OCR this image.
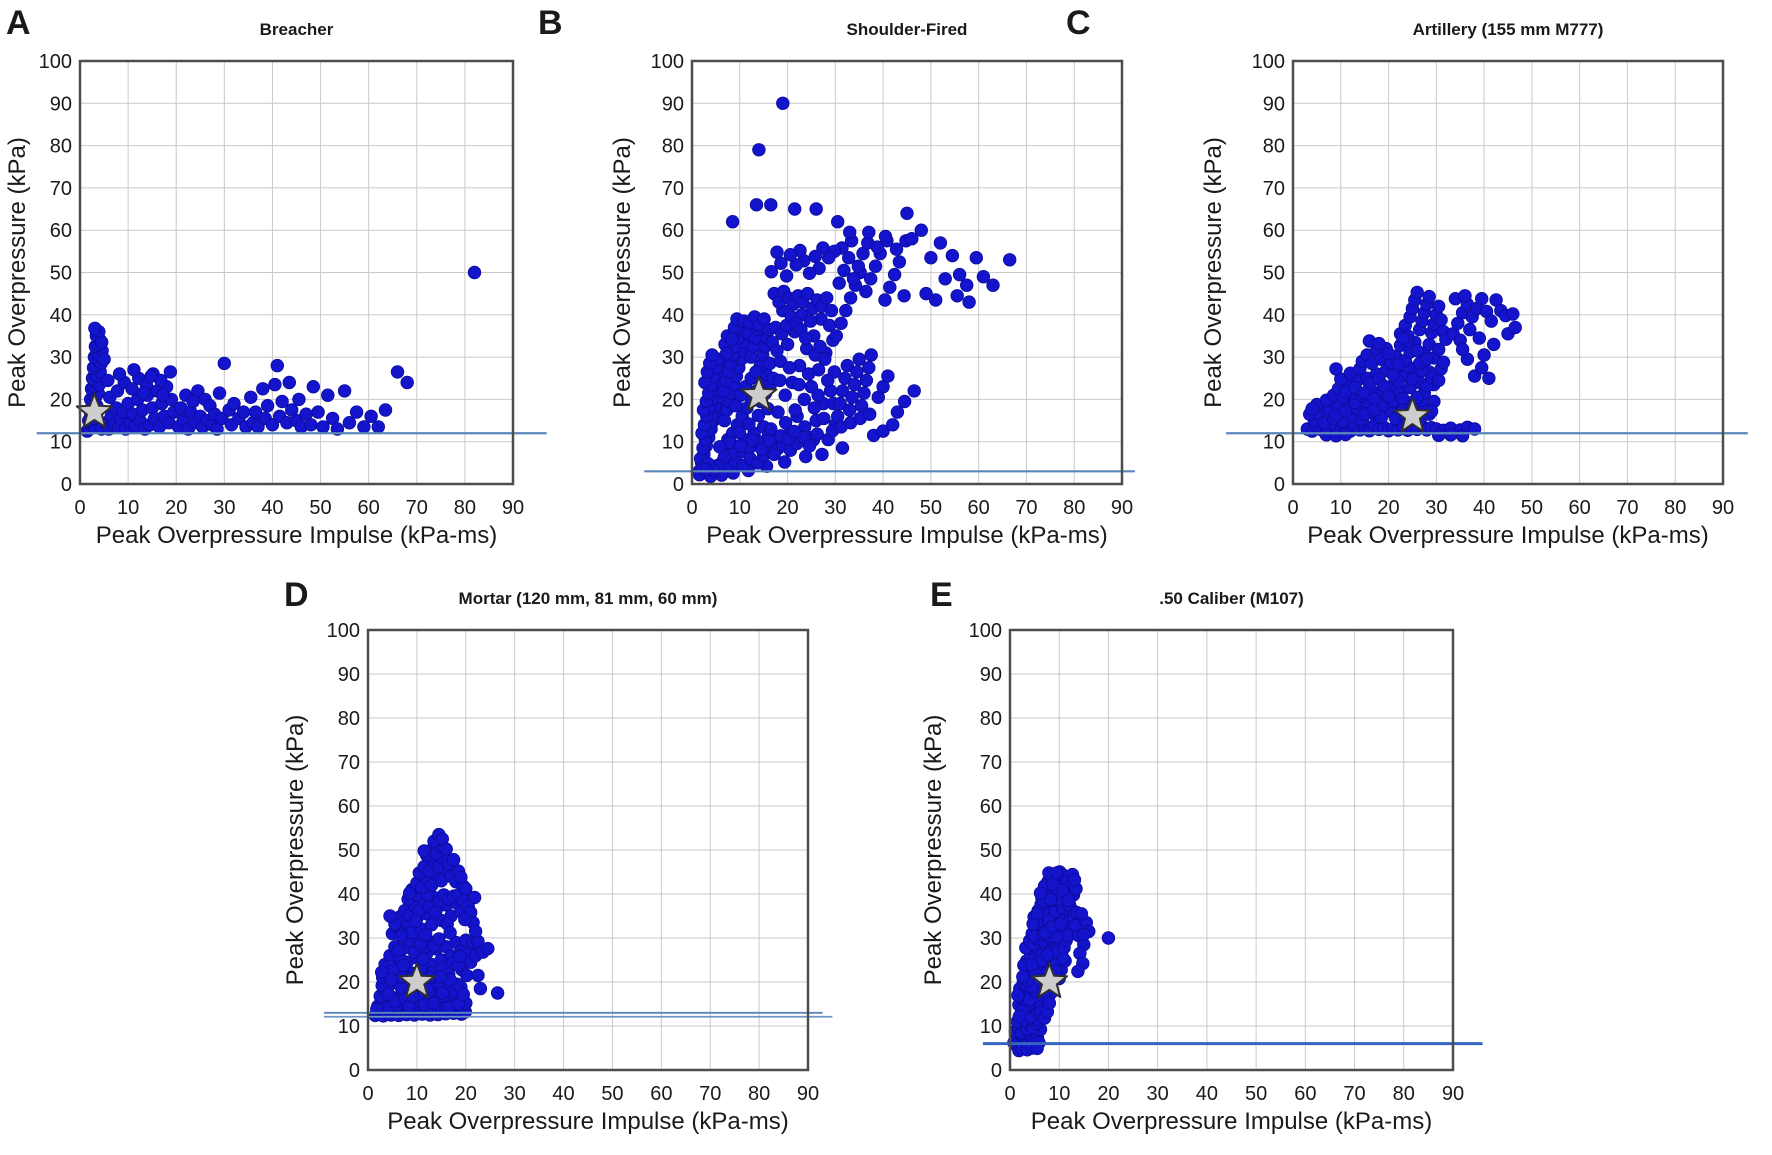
A	Breacher
0
10
20
30
40
50
60
70
80
90
100
0 10 20 30 40 50 60 70 80 90
Peak Overpressure Impulse (kPa-ms)
Peak Overpressure (kPa)
B	Shoulder-Fired
0
10
20
30
40
50
60
70
80
90
100
0 10 20 30 40 50 60 70 80 90
Peak Overpressure Impulse (kPa-ms)
Peak Overpressure (kPa)
C	Artillery (155 mm M777)
0
10
20
30
40
50
60
70
80
90
100
0 10 20 30 40 50 60 70 80 90
Peak Overpressure Impulse (kPa-ms)
Peak Overpressure (kPa)
D	Mortar (120 mm, 81 mm, 60 mm)
0
10
20
30
40
50
60
70
80
90
100
0 10 20 30 40 50 60 70 80 90
Peak Overpressure Impulse (kPa-ms)
Peak Overpressure (kPa)
E	.50 Caliber (M107)
0
10
20
30
40
50
60
70
80
90
100
0 10 20 30 40 50 60 70 80 90
Peak Overpressure Impulse (kPa-ms)
Peak Overpressure (kPa)
